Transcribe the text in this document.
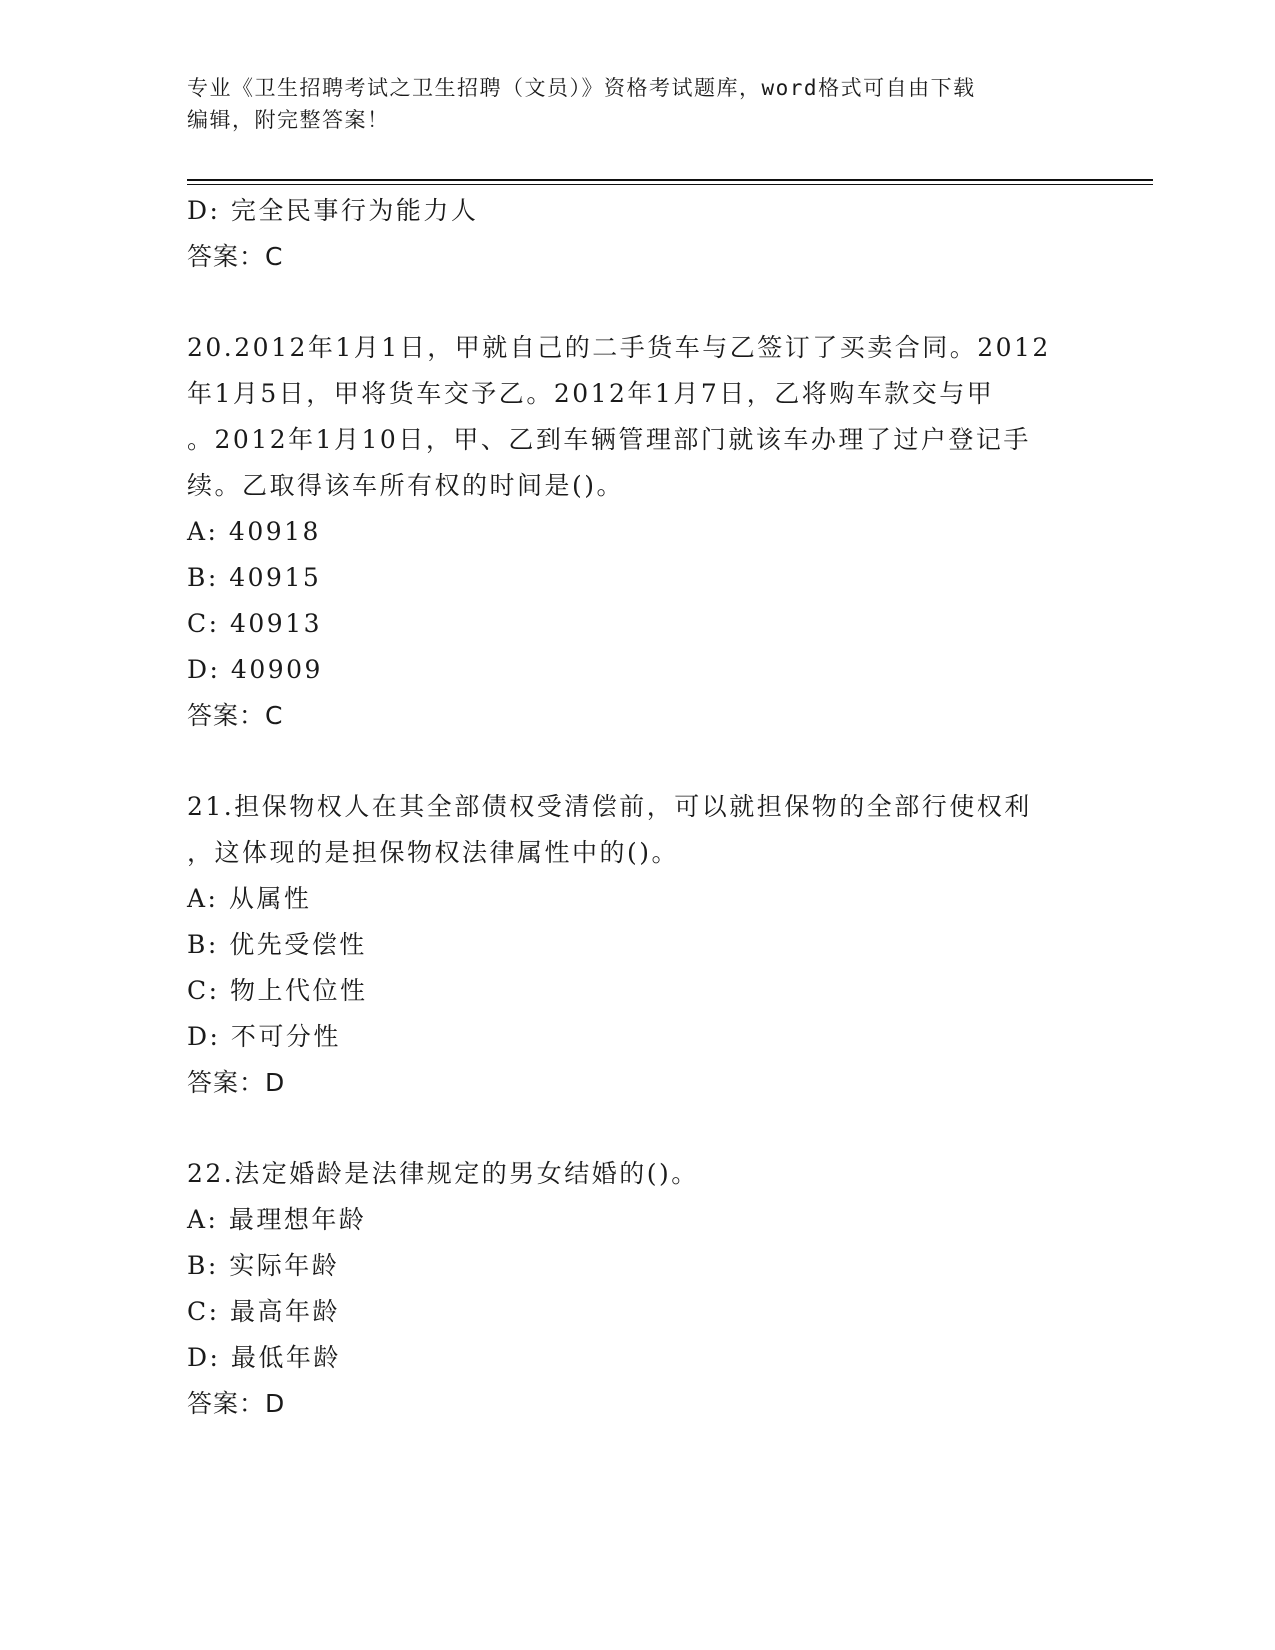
专业《卫生招聘考试之卫生招聘（文员）》资格考试题库，word格式可自由下载
编辑，附完整答案！
D: 完全民事行为能力人
答案：C
20.2012年1月1日，甲就自己的二手货车与乙签订了买卖合同。2012
年1月5日，甲将货车交予乙。2012年1月7日，乙将购车款交与甲
。2012年1月10日，甲、乙到车辆管理部门就该车办理了过户登记手
续。乙取得该车所有权的时间是()。
A: 40918
B: 40915
C: 40913
D: 40909
答案：C
21.担保物权人在其全部债权受清偿前，可以就担保物的全部行使权利
，这体现的是担保物权法律属性中的()。
A: 从属性
B: 优先受偿性
C: 物上代位性
D: 不可分性
答案：D
22.法定婚龄是法律规定的男女结婚的()。
A: 最理想年龄
B: 实际年龄
C: 最高年龄
D: 最低年龄
答案：D
